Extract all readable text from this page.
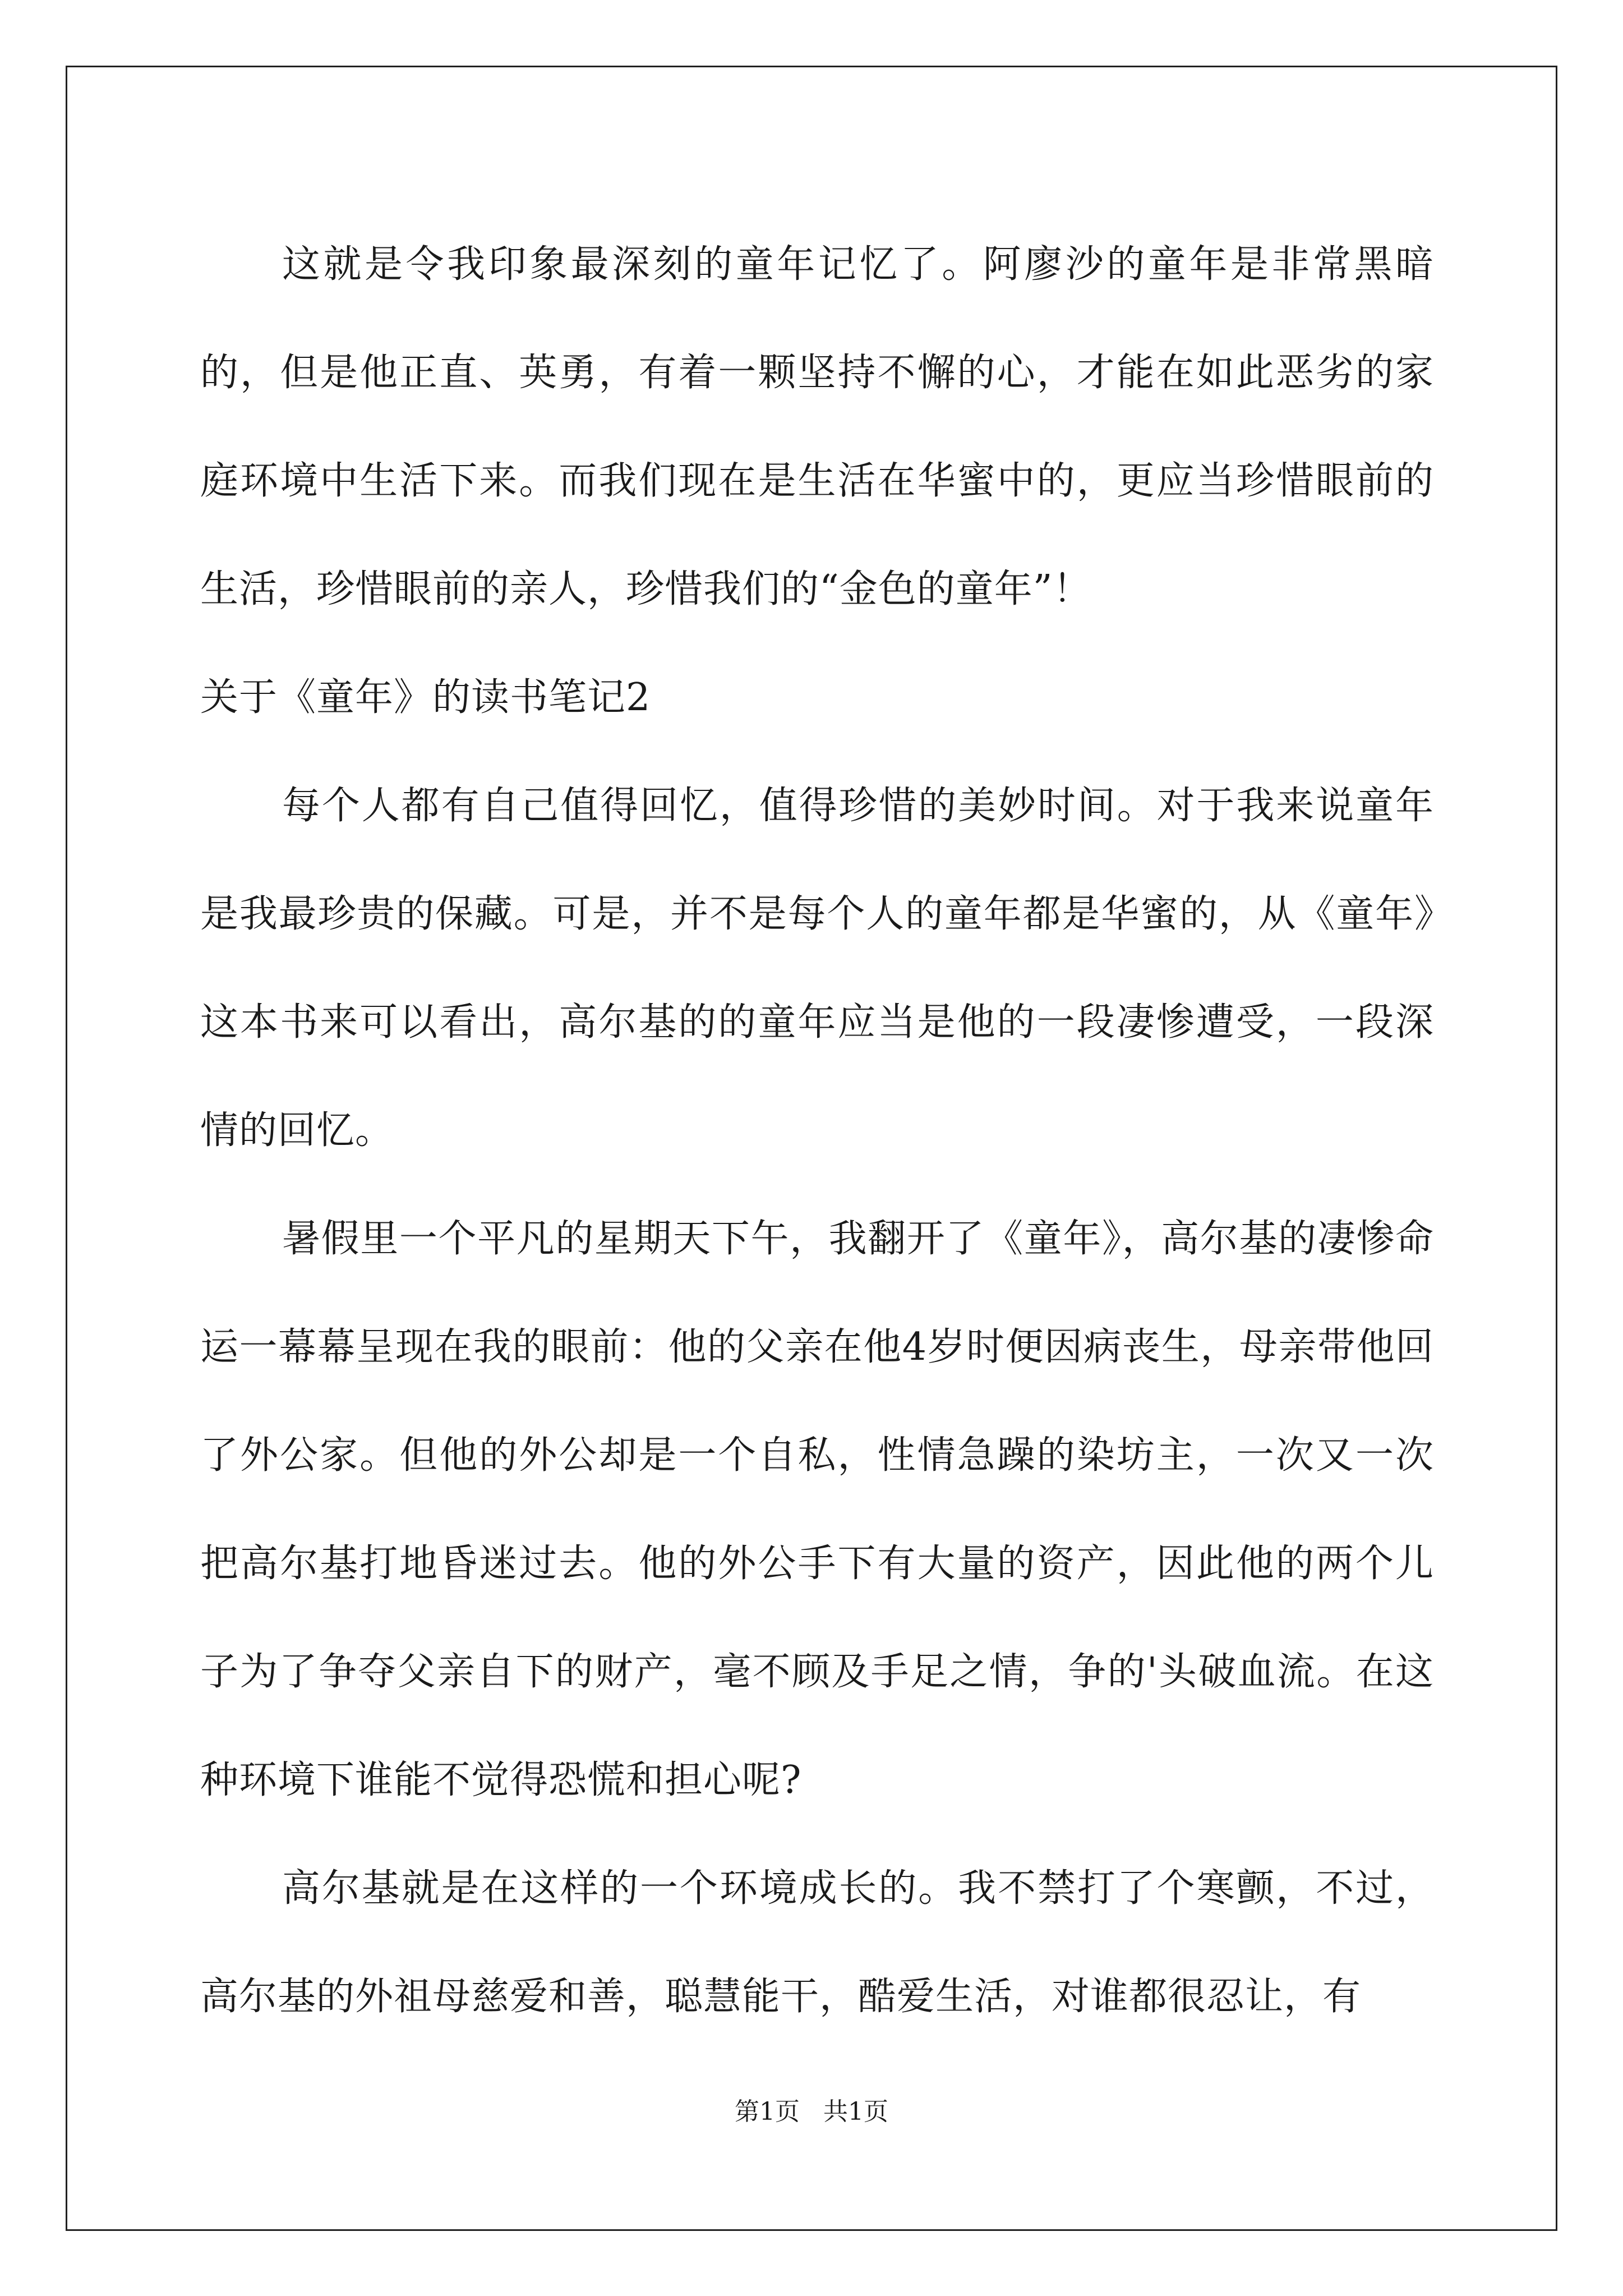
这就是令我印象最深刻的童年记忆了。阿廖沙的童年是非常黑暗的，但是他正直、英勇，有着一颗坚持不懈的心，才能在如此恶劣的家庭环境中生活下来。而我们现在是生活在华蜜中的，更应当珍惜眼前的生活，珍惜眼前的亲人，珍惜我们的“金色的童年”！

关于《童年》的读书笔记2

每个人都有自己值得回忆，值得珍惜的美妙时间。对于我来说童年是我最珍贵的保藏。可是，并不是每个人的童年都是华蜜的，从《童年》这本书来可以看出，高尔基的的童年应当是他的一段凄惨遭受，一段深情的回忆。

暑假里一个平凡的星期天下午，我翻开了《童年》，高尔基的凄惨命运一幕幕呈现在我的眼前：他的父亲在他4岁时便因病丧生，母亲带他回了外公家。但他的外公却是一个自私，性情急躁的染坊主，一次又一次把高尔基打地昏迷过去。他的外公手下有大量的资产，因此他的两个儿子为了争夺父亲自下的财产，毫不顾及手足之情，争的'头破血流。在这种环境下谁能不觉得恐慌和担心呢?

高尔基就是在这样的一个环境成长的。我不禁打了个寒颤，不过，高尔基的外祖母慈爱和善，聪慧能干，酷爱生活，对谁都很忍让，有

第1页 共1页
